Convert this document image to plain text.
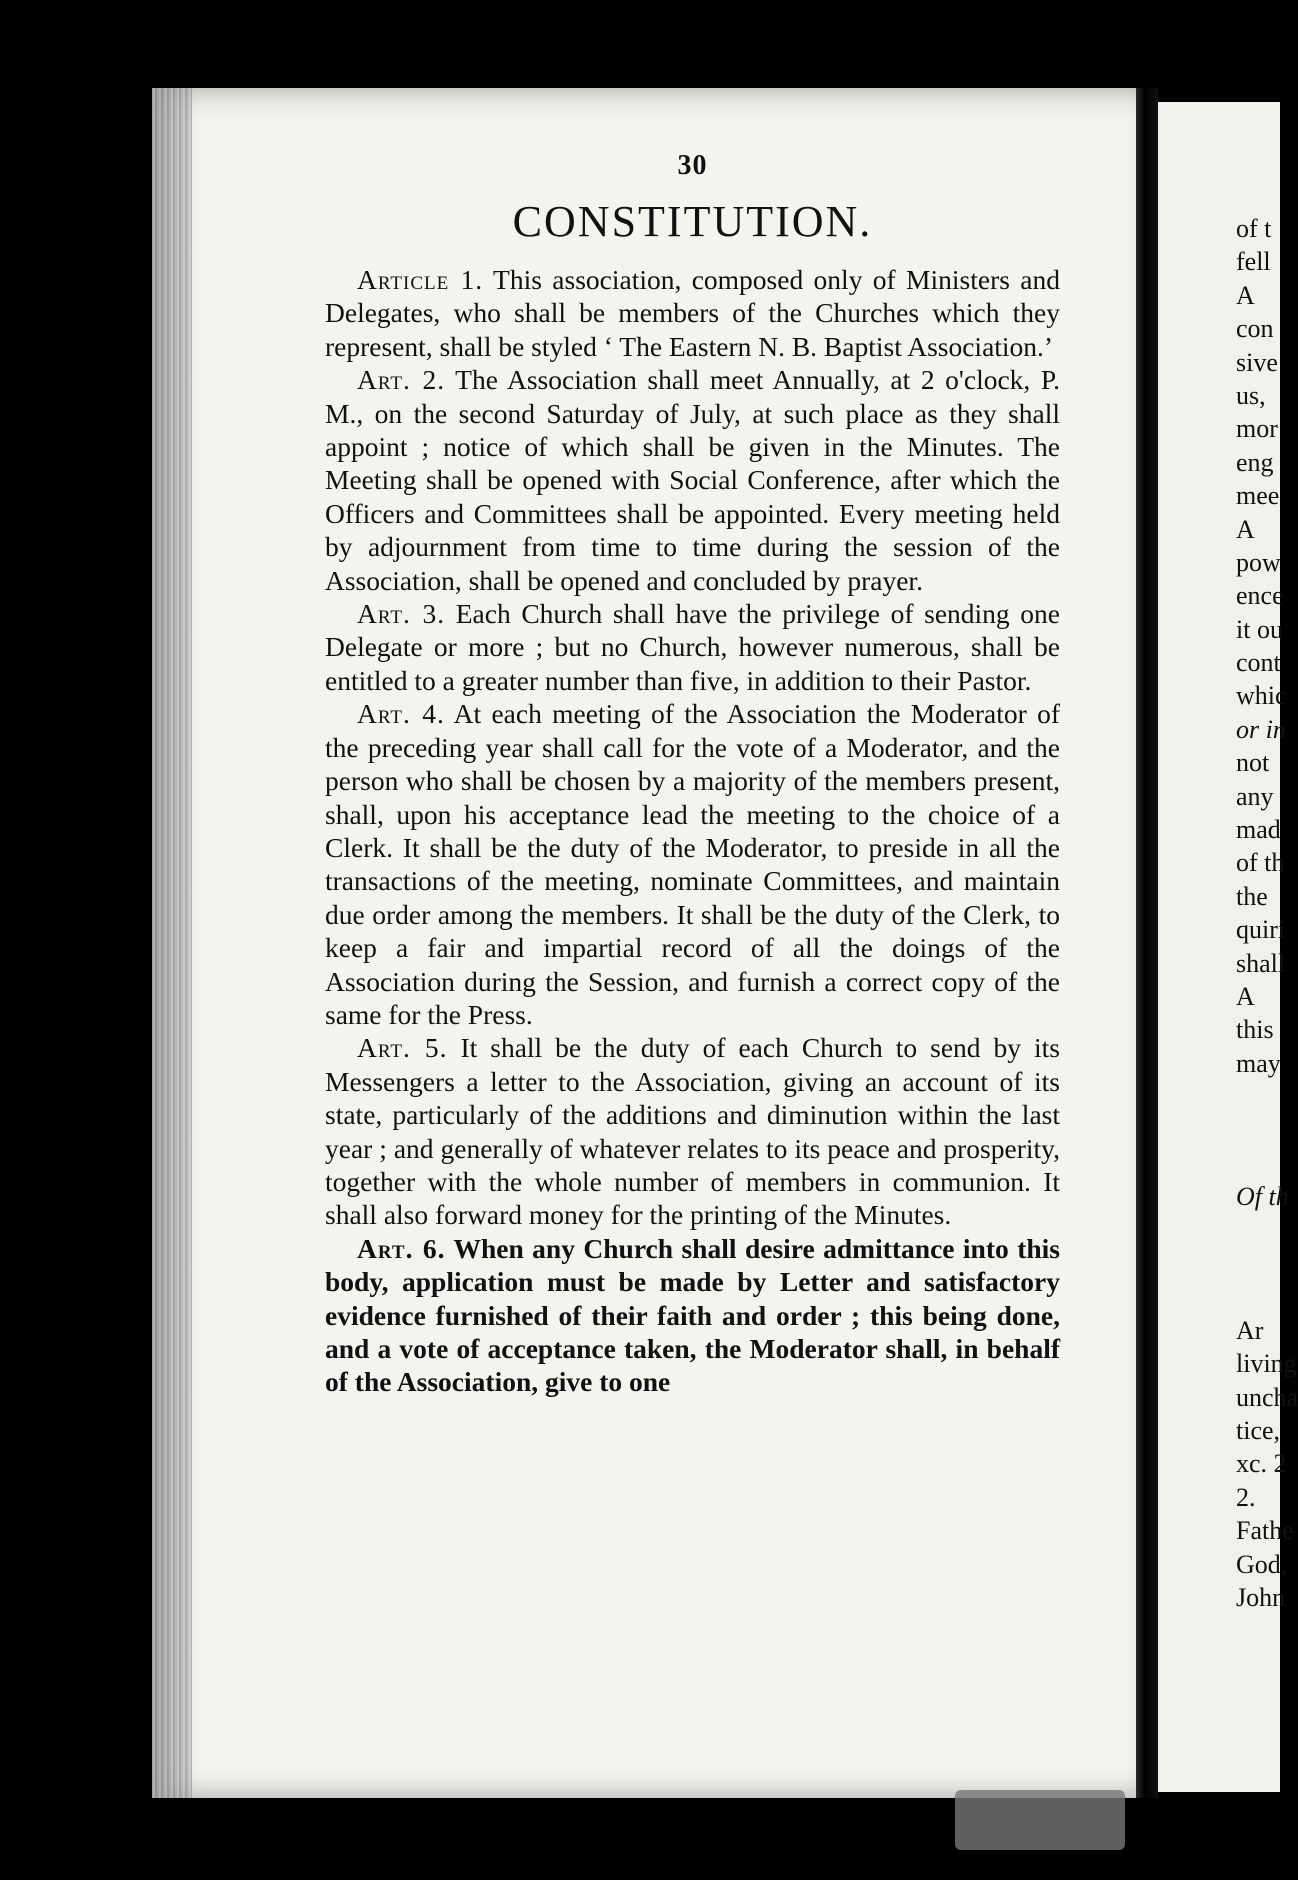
30
CONSTITUTION.

Article 1. This association, composed only of Ministers and Delegates, who shall be members of the Churches which they represent, shall be styled ‘ The Eastern N. B. Baptist Association.’

Art. 2. The Association shall meet Annually, at 2 o'clock, P. M., on the second Saturday of July, at such place as they shall appoint ; notice of which shall be given in the Minutes. The Meeting shall be opened with Social Conference, after which the Officers and Committees shall be appointed. Every meeting held by adjournment from time to time during the session of the Association, shall be opened and concluded by prayer.

Art. 3. Each Church shall have the privilege of sending one Delegate or more ; but no Church, however numerous, shall be entitled to a greater number than five, in addition to their Pastor.

Art. 4. At each meeting of the Association the Moderator of the preceding year shall call for the vote of a Moderator, and the person who shall be chosen by a majority of the members present, shall, upon his acceptance lead the meeting to the choice of a Clerk. It shall be the duty of the Moderator, to preside in all the transactions of the meeting, nominate Committees, and maintain due order among the members. It shall be the duty of the Clerk, to keep a fair and impartial record of all the doings of the Association during the Session, and furnish a correct copy of the same for the Press.

Art. 5. It shall be the duty of each Church to send by its Messengers a letter to the Association, giving an account of its state, particularly of the additions and diminution within the last year ; and generally of whatever relates to its peace and prosperity, together with the whole number of members in communion. It shall also forward money for the printing of the Minutes.

Art. 6. When any Church shall desire admittance into this body, application must be made by Letter and satisfactory evidence furnished of their faith and order ; this being done, and a vote of acceptance taken, the Moderator shall, in behalf of the Association, give to one

of t
fell
A
con
sive
us,
mor
eng
mee
A
pow
ence
it ou
cont
whic
or in
not
any
mad
of th
the
quiri
shall
A
this
may
Of th
Ar
living
uncha
tice,
xc. 2
2.
Fathe
God,
John
